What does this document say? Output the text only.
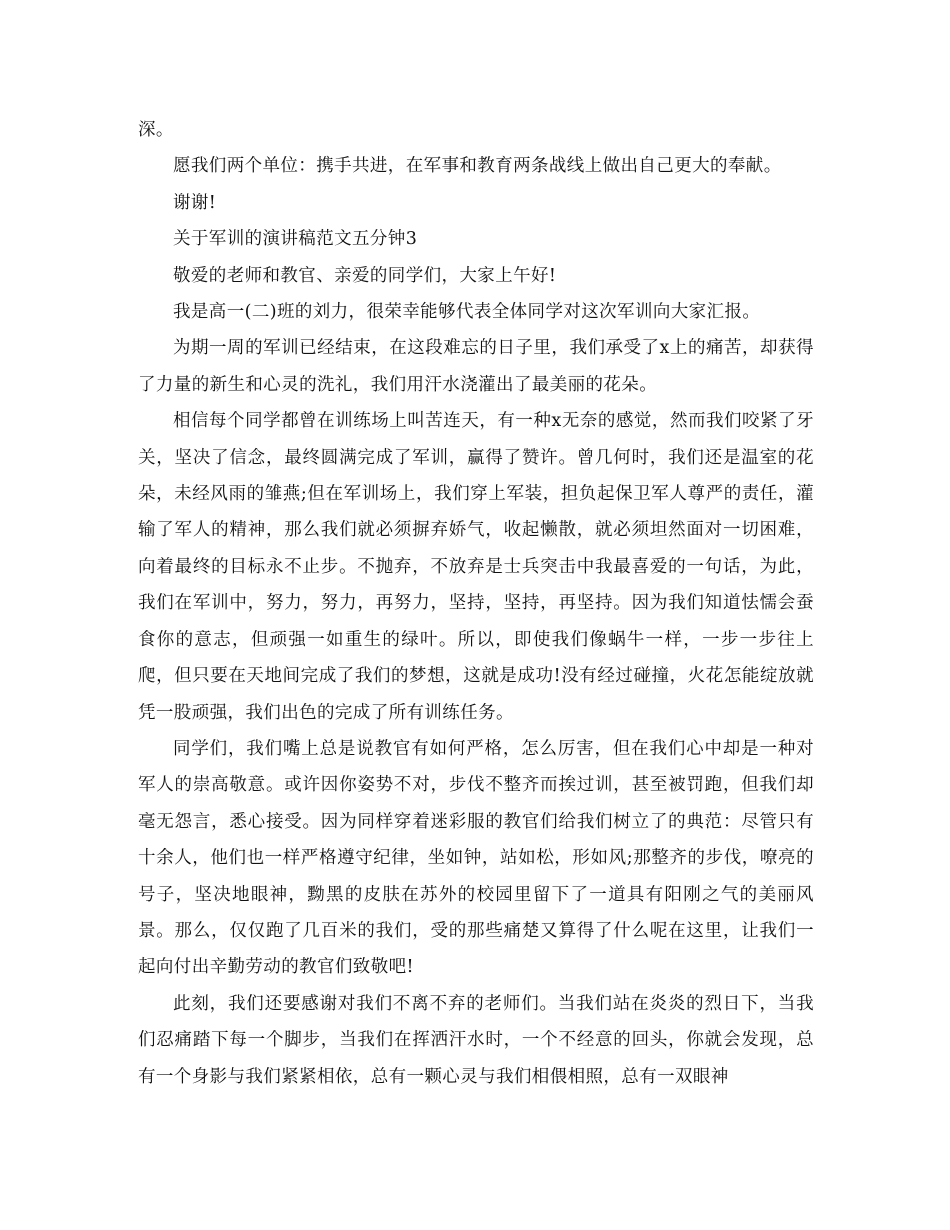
深。

愿我们两个单位：携手共进，在军事和教育两条战线上做出自己更大的奉献。

谢谢!

关于军训的演讲稿范文五分钟3

敬爱的老师和教官、亲爱的同学们，大家上午好!

我是高一(二)班的刘力，很荣幸能够代表全体同学对这次军训向大家汇报。

为期一周的军训已经结束，在这段难忘的日子里，我们承受了x上的痛苦，却获得了力量的新生和心灵的洗礼，我们用汗水浇灌出了最美丽的花朵。

相信每个同学都曾在训练场上叫苦连天，有一种x无奈的感觉，然而我们咬紧了牙关，坚决了信念，最终圆满完成了军训，赢得了赞许。曾几何时，我们还是温室的花朵，未经风雨的雏燕;但在军训场上，我们穿上军装，担负起保卫军人尊严的责任，灌输了军人的精神，那么我们就必须摒弃娇气，收起懒散，就必须坦然面对一切困难，向着最终的目标永不止步。不抛弃，不放弃是士兵突击中我最喜爱的一句话，为此，我们在军训中，努力，努力，再努力，坚持，坚持，再坚持。因为我们知道怯懦会蚕食你的意志，但顽强一如重生的绿叶。所以，即使我们像蜗牛一样，一步一步往上爬，但只要在天地间完成了我们的梦想，这就是成功!没有经过碰撞，火花怎能绽放就凭一股顽强，我们出色的完成了所有训练任务。

同学们，我们嘴上总是说教官有如何严格，怎么厉害，但在我们心中却是一种对军人的崇高敬意。或许因你姿势不对，步伐不整齐而挨过训，甚至被罚跑，但我们却毫无怨言，悉心接受。因为同样穿着迷彩服的教官们给我们树立了的典范：尽管只有十余人，他们也一样严格遵守纪律，坐如钟，站如松，形如风;那整齐的步伐，嘹亮的号子，坚决地眼神，黝黑的皮肤在苏外的校园里留下了一道具有阳刚之气的美丽风景。那么，仅仅跑了几百米的我们，受的那些痛楚又算得了什么呢在这里，让我们一起向付出辛勤劳动的教官们致敬吧!

此刻，我们还要感谢对我们不离不弃的老师们。当我们站在炎炎的烈日下，当我们忍痛踏下每一个脚步，当我们在挥洒汗水时，一个不经意的回头，你就会发现，总有一个身影与我们紧紧相依，总有一颗心灵与我们相偎相照，总有一双眼神
